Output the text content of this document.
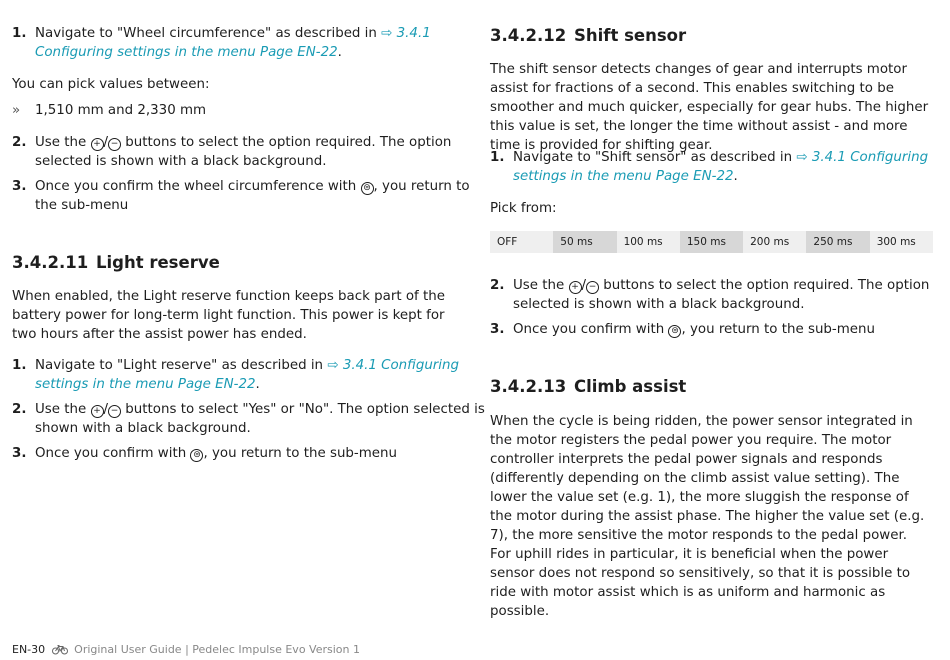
1. Navigate to "Wheel circumference" as described in ⇨ 3.4.1 Configuring settings in the menu Page EN-22.

You can pick values between:

» 1,510 mm and 2,330 mm
2. Use the + / − buttons to select the option required. The option selected is shown with a black background.
3. Once you confirm the wheel circumference with ⊜ , you return to the sub-menu
3.4.2.11 Light reserve

When enabled, the Light reserve function keeps back part of the battery power for long-term light function. This power is kept for two hours after the assist power has ended.

1. Navigate to "Light reserve" as described in ⇨ 3.4.1 Configuring settings in the menu Page EN-22.
2. Use the + / − buttons to select "Yes" or "No". The option selected is shown with a black background.
3. Once you confirm with ⊜ , you return to the sub-menu
3.4.2.12 Shift sensor

The shift sensor detects changes of gear and interrupts motor assist for fractions of a second. This enables switching to be smoother and much quicker, especially for gear hubs. The higher this value is set, the longer the time without assist - and more time is provided for shifting gear.

1. Navigate to "Shift sensor" as described in ⇨ 3.4.1 Configuring settings in the menu Page EN-22.

Pick from:

OFF	50 ms	100 ms	150 ms	200 ms	250 ms	300 ms
2. Use the + / − buttons to select the option required. The option selected is shown with a black background.
3. Once you confirm with ⊜ , you return to the sub-menu
3.4.2.13 Climb assist

When the cycle is being ridden, the power sensor integrated in the motor registers the pedal power you require. The motor controller interprets the pedal power signals and responds (differently depending on the climb assist value setting). The lower the value set (e.g. 1), the more sluggish the response of the motor during the assist phase. The higher the value set (e.g. 7), the more sensitive the motor responds to the pedal power. For uphill rides in particular, it is beneficial when the power sensor does not respond so sensitively, so that it is possible to ride with motor assist which is as uniform and harmonic as possible.

EN-30	Original User Guide | Pedelec Impulse Evo Version 1
